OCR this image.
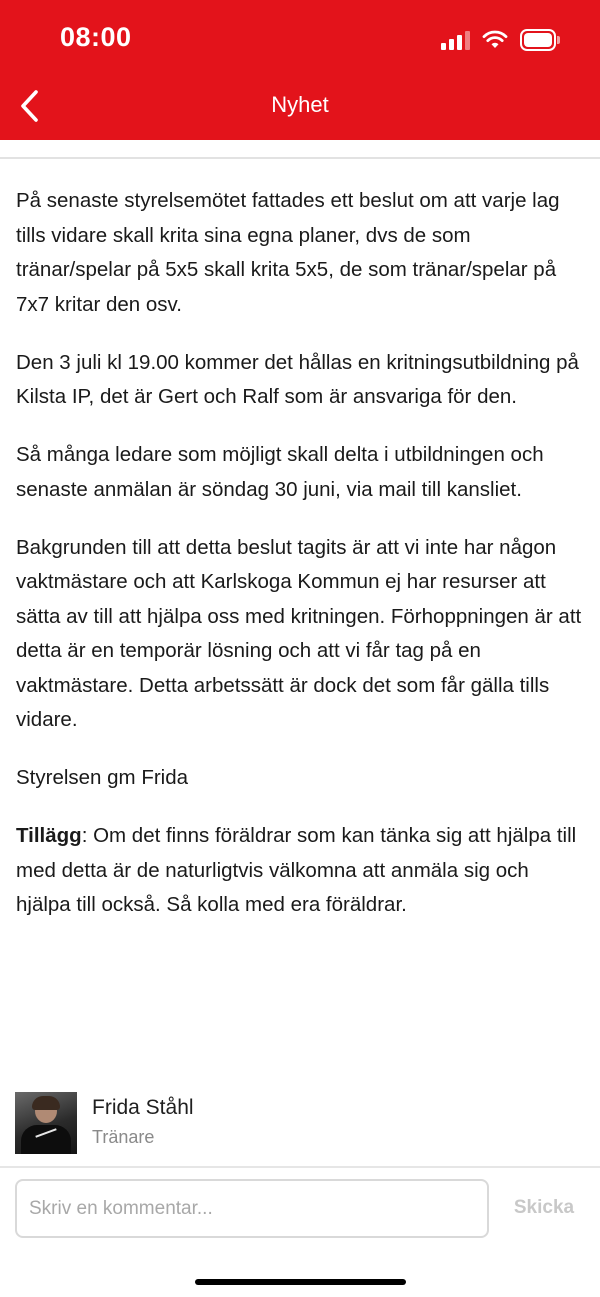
08:00
Nyhet

På senaste styrelsemötet fattades ett beslut om att varje lag tills vidare skall krita sina egna planer, dvs de som tränar/spelar på 5x5 skall krita 5x5, de som tränar/spelar på 7x7 kritar den osv.

Den 3 juli kl 19.00 kommer det hållas en kritningsutbildning på Kilsta IP, det är Gert och Ralf som är ansvariga för den.

Så många ledare som möjligt skall delta i utbildningen och senaste anmälan är söndag 30 juni, via mail till kansliet.

Bakgrunden till att detta beslut tagits är att vi inte har någon vaktmästare och att Karlskoga Kommun ej har resurser att sätta av till att hjälpa oss med kritningen. Förhoppningen är att detta är en temporär lösning och att vi får tag på en vaktmästare. Detta arbetssätt är dock det som får gälla tills vidare.

Styrelsen gm Frida

Tillägg: Om det finns föräldrar som kan tänka sig att hjälpa till med detta är de naturligtvis välkomna att anmäla sig och hjälpa till också. Så kolla med era föräldrar.

Frida Ståhl
Tränare
Skriv en kommentar...
Skicka
